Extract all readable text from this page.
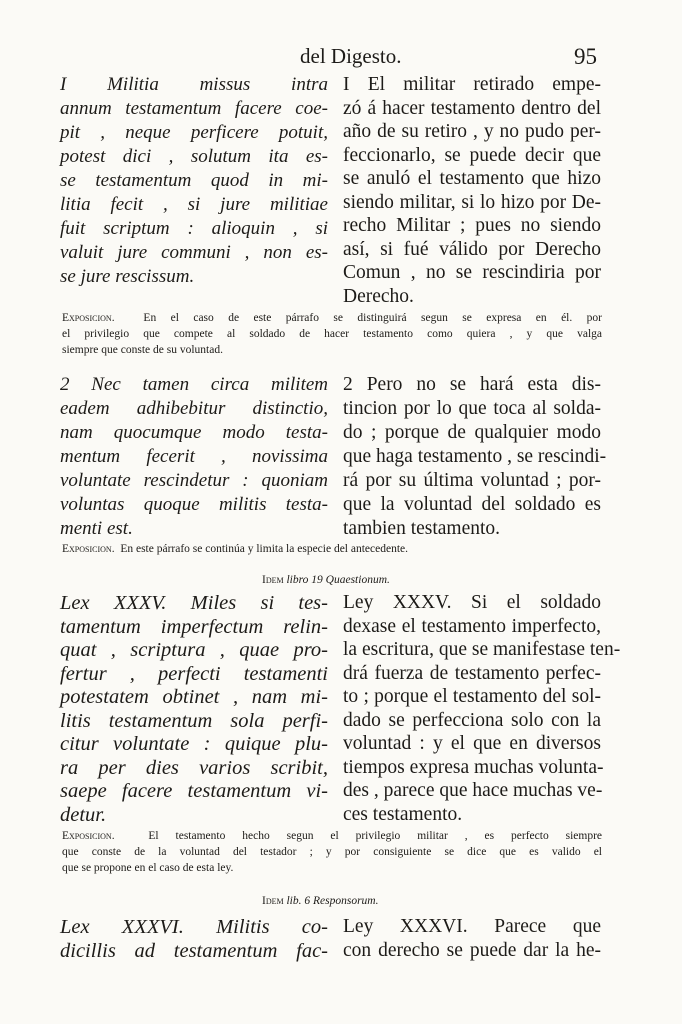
del Digesto.	95
I Militia missus intra
annum testamentum facere coe-
pit , neque perficere potuit,
potest dici , solutum ita es-
se testamentum quod in mi-
litia fecit , si jure militiae
fuit scriptum : alioquin , si
valuit jure communi , non es-
se jure rescissum.
I El militar retirado empe-
zó á hacer testamento dentro del
año de su retiro , y no pudo per-
feccionarlo, se puede decir que
se anuló el testamento que hizo
siendo militar, si lo hizo por De-
recho Militar ; pues no siendo
así, si fué válido por Derecho
Comun , no se rescindiria por
Derecho.
Exposicion.	En el caso de este párrafo se distinguirá segun se expresa en él. por
el privilegio que compete al soldado de hacer testamento como quiera , y que valga
siempre que conste de su voluntad.
2 Nec tamen circa militem
eadem adhibebitur distinctio,
nam quocumque modo testa-
mentum fecerit , novissima
voluntate rescindetur : quoniam
voluntas quoque militis testa-
menti est.
2 Pero no se hará esta dis-
tincion por lo que toca al solda-
do ; porque de qualquier modo
que haga testamento , se rescindi-
rá por su última voluntad ; por-
que la voluntad del soldado es
tambien testamento.
Exposicion. En este párrafo se continúa y limita la especie del antecedente.
Idem libro 19 Quaestionum.
Lex XXXV. Miles si tes-
tamentum imperfectum relin-
quat , scriptura , quae pro-
fertur , perfecti testamenti
potestatem obtinet , nam mi-
litis testamentum sola perfi-
citur voluntate : quique plu-
ra per dies varios scribit,
saepe facere testamentum vi-
detur.
Ley XXXV. Si el soldado
dexase el testamento imperfecto,
la escritura, que se manifestase ten-
drá fuerza de testamento perfec-
to ; porque el testamento del sol-
dado se perfecciona solo con la
voluntad : y el que en diversos
tiempos expresa muchas volunta-
des , parece que hace muchas ve-
ces testamento.
Exposicion.	El testamento hecho segun el privilegio militar , es perfecto siempre
que conste de la voluntad del testador ; y por consiguiente se dice que es valido el
que se propone en el caso de esta ley.
Idem lib. 6 Responsorum.
Lex XXXVI. Militis co-
dicillis ad testamentum fac-
Ley XXXVI. Parece que
con derecho se puede dar la he-
